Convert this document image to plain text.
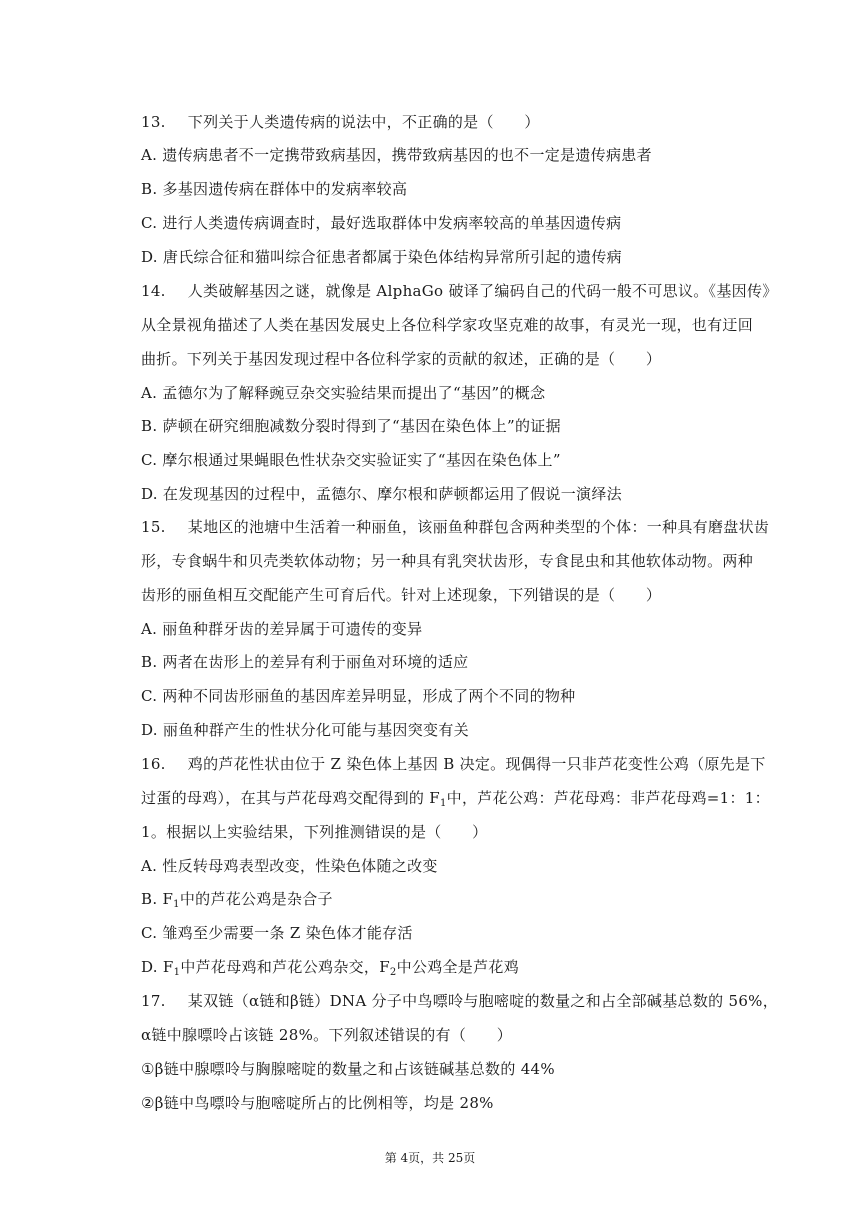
13. 下列关于人类遗传病的说法中，不正确的是（　　）
A. 遗传病患者不一定携带致病基因，携带致病基因的也不一定是遗传病患者
B. 多基因遗传病在群体中的发病率较高
C. 进行人类遗传病调查时，最好选取群体中发病率较高的单基因遗传病
D. 唐氏综合征和猫叫综合征患者都属于染色体结构异常所引起的遗传病
14. 人类破解基因之谜，就像是 AlphaGo 破译了编码自己的代码一般不可思议。《基因传》
从全景视角描述了人类在基因发展史上各位科学家攻坚克难的故事，有灵光一现，也有迂回
曲折。下列关于基因发现过程中各位科学家的贡献的叙述，正确的是（　　）
A. 孟德尔为了解释豌豆杂交实验结果而提出了“基因”的概念
B. 萨顿在研究细胞减数分裂时得到了“基因在染色体上”的证据
C. 摩尔根通过果蝇眼色性状杂交实验证实了“基因在染色体上”
D. 在发现基因的过程中，孟德尔、摩尔根和萨顿都运用了假说一演绎法
15. 某地区的池塘中生活着一种丽鱼，该丽鱼种群包含两种类型的个体：一种具有磨盘状齿
形，专食蜗牛和贝壳类软体动物；另一种具有乳突状齿形，专食昆虫和其他软体动物。两种
齿形的丽鱼相互交配能产生可育后代。针对上述现象，下列错误的是（　　）
A. 丽鱼种群牙齿的差异属于可遗传的变异
B. 两者在齿形上的差异有利于丽鱼对环境的适应
C. 两种不同齿形丽鱼的基因库差异明显，形成了两个不同的物种
D. 丽鱼种群产生的性状分化可能与基因突变有关
16. 鸡的芦花性状由位于 Z 染色体上基因 B 决定。现偶得一只非芦花变性公鸡（原先是下
过蛋的母鸡），在其与芦花母鸡交配得到的 $F_1$中，芦花公鸡：芦花母鸡：非芦花母鸡=1：1：
1。根据以上实验结果，下列推测错误的是（　　）
A. 性反转母鸡表型改变，性染色体随之改变
B. $F_1$中的芦花公鸡是杂合子
C. 雏鸡至少需要一条 Z 染色体才能存活
D. $F_1$中芦花母鸡和芦花公鸡杂交，$F_2$中公鸡全是芦花鸡
17. 某双链（α链和β链）DNA 分子中鸟嘌呤与胞嘧啶的数量之和占全部碱基总数的 56%，
α链中腺嘌呤占该链 28%。下列叙述错误的有（　　）
①β链中腺嘌呤与胸腺嘧啶的数量之和占该链碱基总数的 44%
②β链中鸟嘌呤与胞嘧啶所占的比例相等，均是 28%
第 4页，共 25页
